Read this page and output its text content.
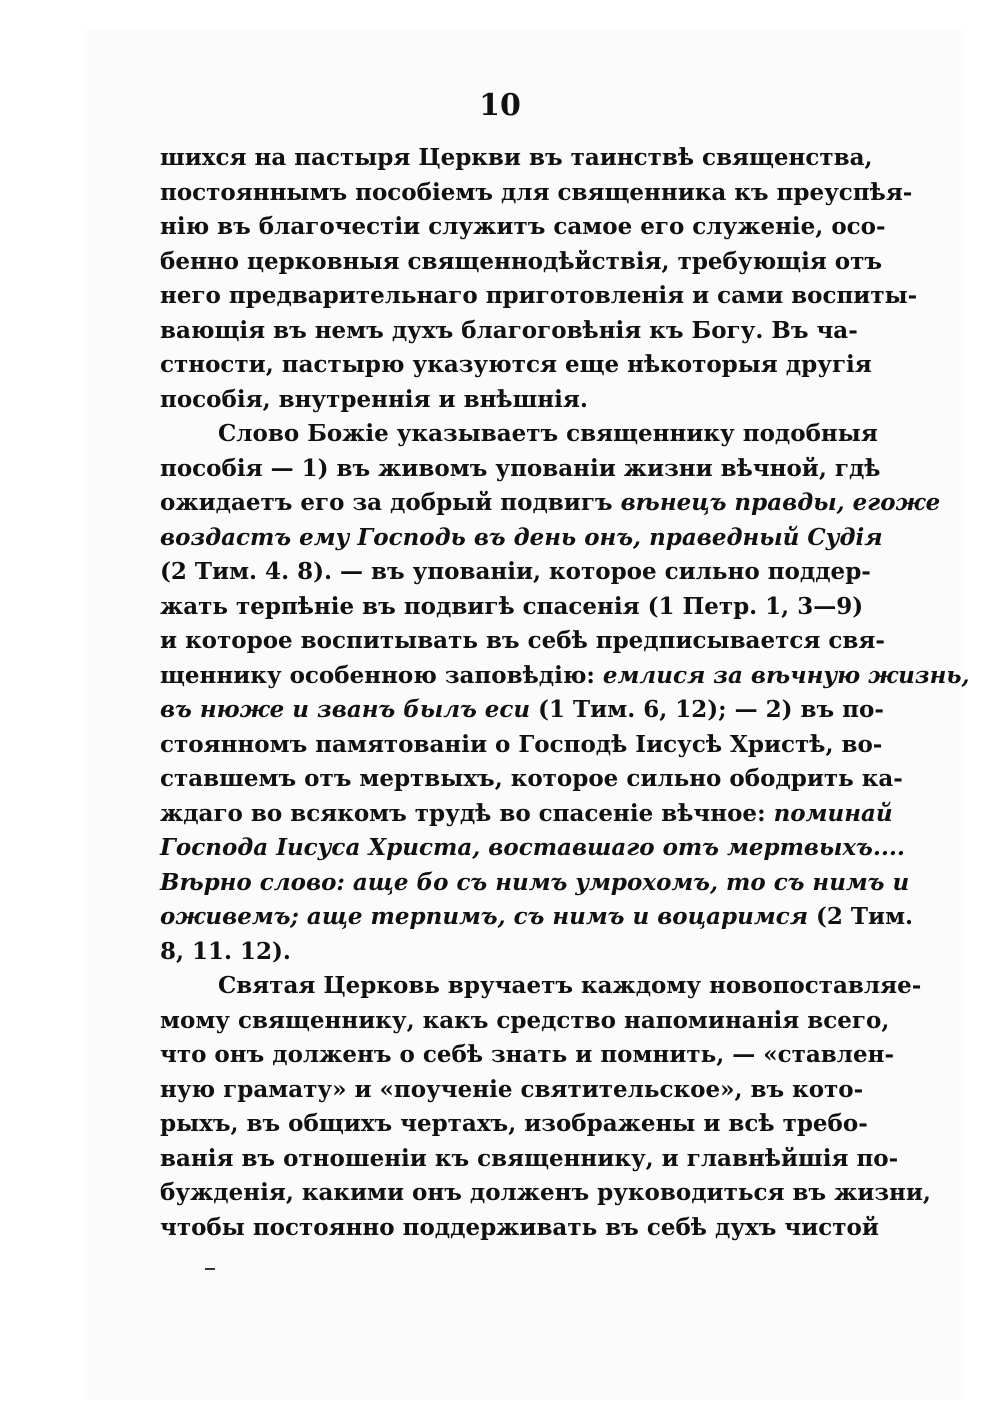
10
шихся на пастыря Церкви въ таинствѣ священства,
постояннымъ пособіемъ для священника къ преуспѣя-
нію въ благочестіи служитъ самое его служеніе, осо-
бенно церковныя священнодѣйствія, требующія отъ
него предварительнаго приготовленія и сами воспиты-
вающія въ немъ духъ благоговѣнія къ Богу. Въ ча-
стности, пастырю указуются еще нѣкоторыя другія
пособія, внутреннія и внѣшнія.
Слово Божіе указываетъ священнику подобныя
пособія — 1) въ живомъ упованіи жизни вѣчной, гдѣ
ожидаетъ его за добрый подвигъ вѣнецъ правды, егоже
воздастъ ему Господь въ день онъ, праведный Судія
(2 Тим. 4. 8). — въ упованіи, которое сильно поддер-
жать терпѣніе въ подвигѣ спасенія (1 Петр. 1, 3—9)
и которое воспитывать въ себѣ предписывается свя-
щеннику особенною заповѣдію: емлися за вѣчную жизнь,
въ нюже и званъ былъ еси (1 Тим. 6, 12); — 2) въ по-
стоянномъ памятованіи о Господѣ Іисусѣ Христѣ, во-
ставшемъ отъ мертвыхъ, которое сильно ободрить ка-
ждаго во всякомъ трудѣ во спасеніе вѣчное: поминай
Господа Іисуса Христа, воставшаго отъ мертвыхъ....
Вѣрно слово: аще бо съ нимъ умрохомъ, то съ нимъ и
оживемъ; аще терпимъ, съ нимъ и воцаримся (2 Тим.
8, 11. 12).
Святая Церковь вручаетъ каждому новопоставляе-
мому священнику, какъ средство напоминанія всего,
что онъ долженъ о себѣ знать и помнить, — «ставлен-
ную грамату» и «поученіе святительское», въ кото-
рыхъ, въ общихъ чертахъ, изображены и всѣ требо-
ванія въ отношеніи къ священнику, и главнѣйшія по-
бужденія, какими онъ долженъ руководиться въ жизни,
чтобы постоянно поддерживать въ себѣ духъ чистой
